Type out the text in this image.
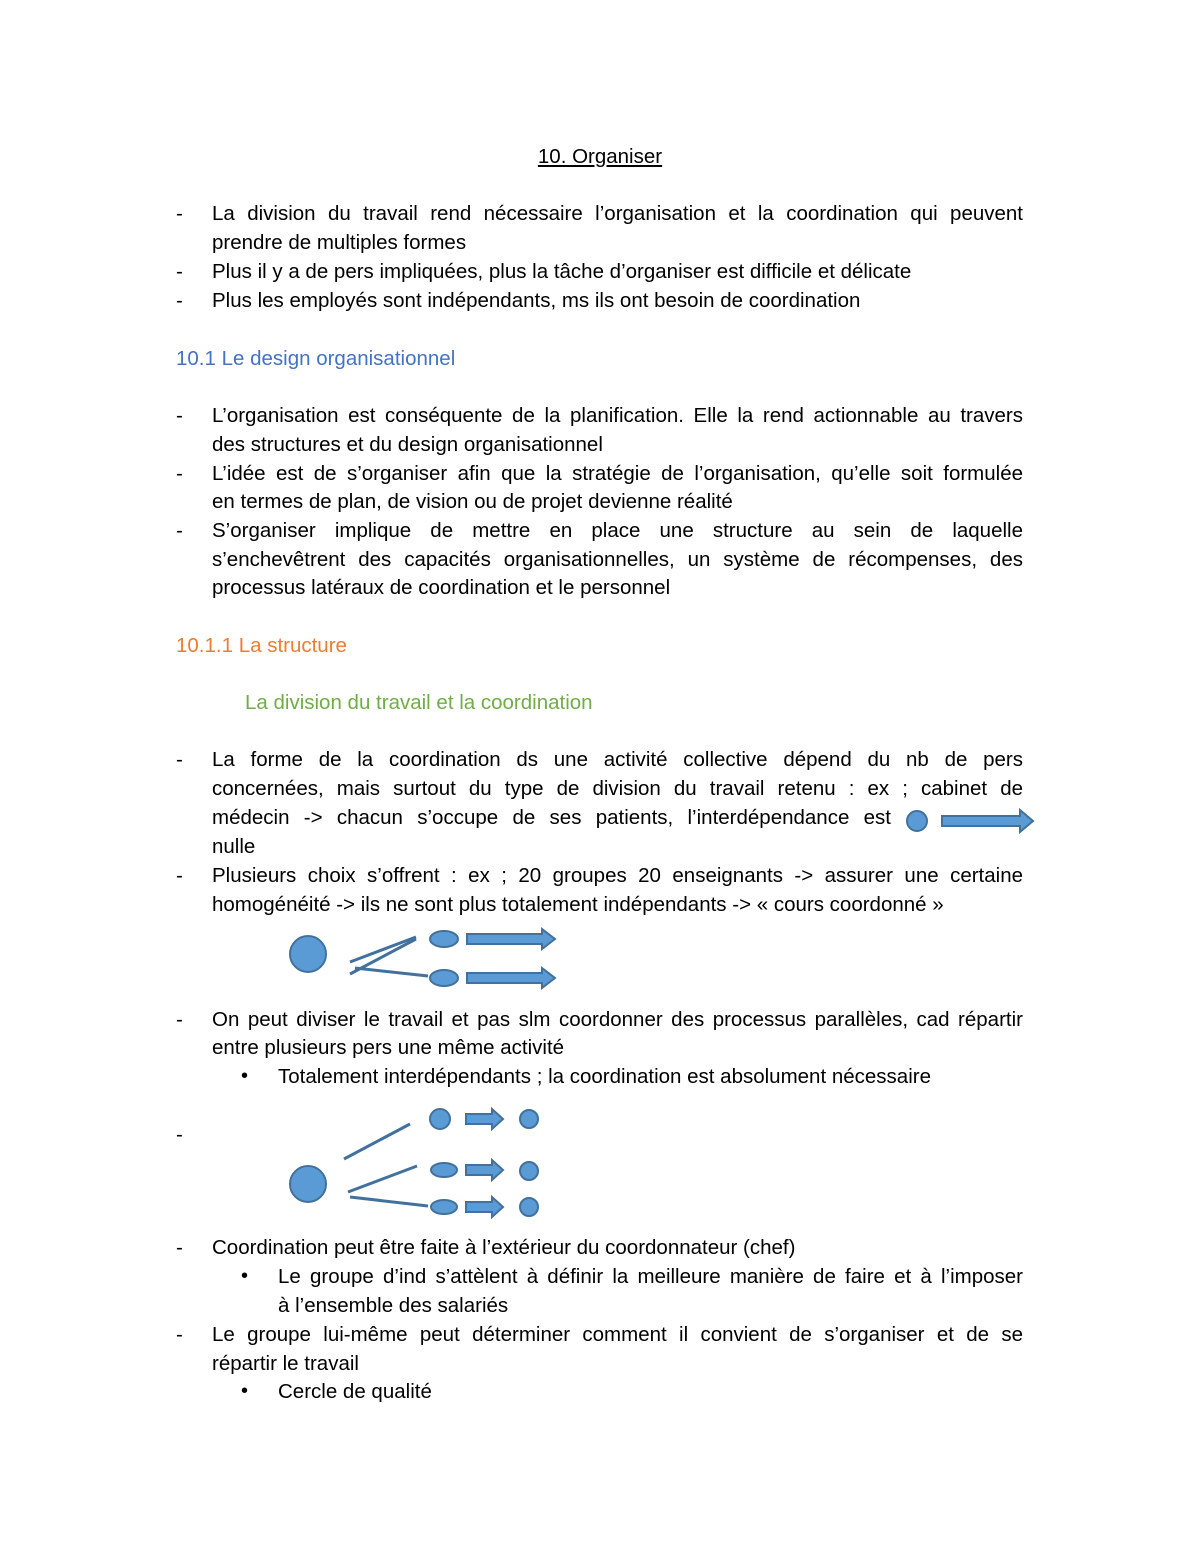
10. Organiser
- La division du travail rend nécessaire l’organisation et la coordination qui peuvent
prendre de multiples formes
- Plus il y a de pers impliquées, plus la tâche d’organiser est difficile et délicate
- Plus les employés sont indépendants, ms ils ont besoin de coordination
10.1 Le design organisationnel
- L’organisation est conséquente de la planification. Elle la rend actionnable au travers
des structures et du design organisationnel
- L’idée est de s’organiser afin que la stratégie de l’organisation, qu’elle soit formulée
en termes de plan, de vision ou de projet devienne réalité
- S’organiser implique de mettre en place une structure au sein de laquelle
s’enchevêtrent des capacités organisationnelles, un système de récompenses, des
processus latéraux de coordination et le personnel
10.1.1 La structure
La division du travail et la coordination
- La forme de la coordination ds une activité collective dépend du nb de pers
concernées, mais surtout du type de division du travail retenu : ex ; cabinet de
médecin -> chacun s’occupe de ses patients, l’interdépendance est
nulle
- Plusieurs choix s’offrent : ex ; 20 groupes 20 enseignants -> assurer une certaine
homogénéité -> ils ne sont plus totalement indépendants -> « cours coordonné »
- On peut diviser le travail et pas slm coordonner des processus parallèles, cad répartir
entre plusieurs pers une même activité
• Totalement interdépendants ; la coordination est absolument nécessaire
-
- Coordination peut être faite à l’extérieur du coordonnateur (chef)
• Le groupe d’ind s’attèlent à définir la meilleure manière de faire et à l’imposer
à l’ensemble des salariés
- Le groupe lui-même peut déterminer comment il convient de s’organiser et de se
répartir le travail
• Cercle de qualité
